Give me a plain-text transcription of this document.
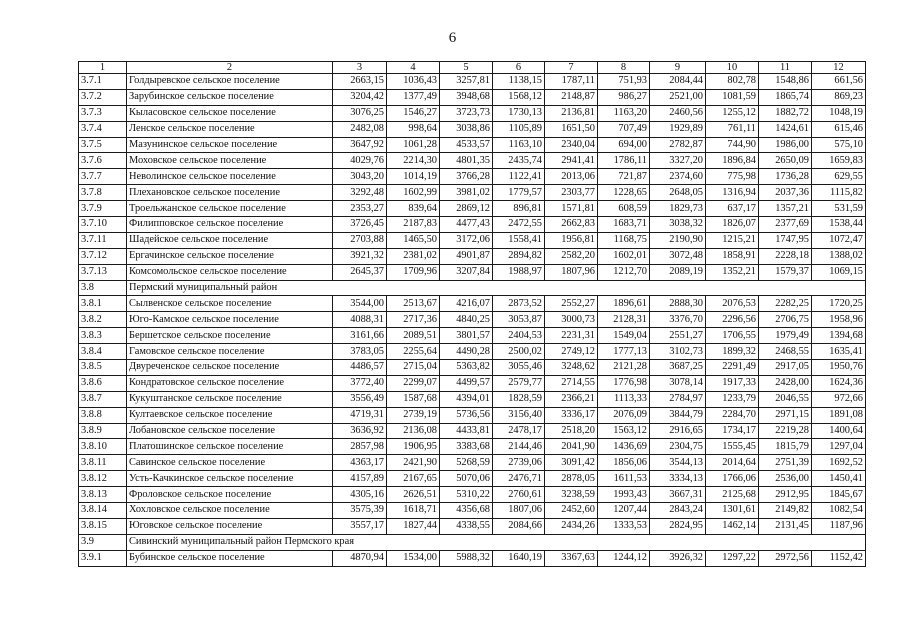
6
1	2	3	4	5	6	7	8	9	10	11	12
3.7.1	Голдыревское сельское поселение	2663,15	1036,43	3257,81	1138,15	1787,11	751,93	2084,44	802,78	1548,86	661,56
3.7.2	Зарубинское сельское поселение	3204,42	1377,49	3948,68	1568,12	2148,87	986,27	2521,00	1081,59	1865,74	869,23
3.7.3	Кыласовское сельское поселение	3076,25	1546,27	3723,73	1730,13	2136,81	1163,20	2460,56	1255,12	1882,72	1048,19
3.7.4	Ленское сельское поселение	2482,08	998,64	3038,86	1105,89	1651,50	707,49	1929,89	761,11	1424,61	615,46
3.7.5	Мазунинское сельское поселение	3647,92	1061,28	4533,57	1163,10	2340,04	694,00	2782,87	744,90	1986,00	575,10
3.7.6	Моховское сельское поселение	4029,76	2214,30	4801,35	2435,74	2941,41	1786,11	3327,20	1896,84	2650,09	1659,83
3.7.7	Неволинское сельское поселение	3043,20	1014,19	3766,28	1122,41	2013,06	721,87	2374,60	775,98	1736,28	629,55
3.7.8	Плехановское сельское поселение	3292,48	1602,99	3981,02	1779,57	2303,77	1228,65	2648,05	1316,94	2037,36	1115,82
3.7.9	Троельжанское сельское поселение	2353,27	839,64	2869,12	896,81	1571,81	608,59	1829,73	637,17	1357,21	531,59
3.7.10	Филипповское сельское поселение	3726,45	2187,83	4477,43	2472,55	2662,83	1683,71	3038,32	1826,07	2377,69	1538,44
3.7.11	Шадейское сельское поселение	2703,88	1465,50	3172,06	1558,41	1956,81	1168,75	2190,90	1215,21	1747,95	1072,47
3.7.12	Ергачинское сельское поселение	3921,32	2381,02	4901,87	2894,82	2582,20	1602,01	3072,48	1858,91	2228,18	1388,02
3.7.13	Комсомольское сельское поселение	2645,37	1709,96	3207,84	1988,97	1807,96	1212,70	2089,19	1352,21	1579,37	1069,15
3.8	Пермский муниципальный район										
3.8.1	Сылвенское сельское поселение	3544,00	2513,67	4216,07	2873,52	2552,27	1896,61	2888,30	2076,53	2282,25	1720,25
3.8.2	Юго-Камское сельское поселение	4088,31	2717,36	4840,25	3053,87	3000,73	2128,31	3376,70	2296,56	2706,75	1958,96
3.8.3	Бершетское сельское поселение	3161,66	2089,51	3801,57	2404,53	2231,31	1549,04	2551,27	1706,55	1979,49	1394,68
3.8.4	Гамовское сельское поселение	3783,05	2255,64	4490,28	2500,02	2749,12	1777,13	3102,73	1899,32	2468,55	1635,41
3.8.5	Двуреченское сельское поселение	4486,57	2715,04	5363,82	3055,46	3248,62	2121,28	3687,25	2291,49	2917,05	1950,76
3.8.6	Кондратовское сельское поселение	3772,40	2299,07	4499,57	2579,77	2714,55	1776,98	3078,14	1917,33	2428,00	1624,36
3.8.7	Кукуштанское сельское поселение	3556,49	1587,68	4394,01	1828,59	2366,21	1113,33	2784,97	1233,79	2046,55	972,66
3.8.8	Култаевское сельское поселение	4719,31	2739,19	5736,56	3156,40	3336,17	2076,09	3844,79	2284,70	2971,15	1891,08
3.8.9	Лобановское сельское поселение	3636,92	2136,08	4433,81	2478,17	2518,20	1563,12	2916,65	1734,17	2219,28	1400,64
3.8.10	Платошинское сельское поселение	2857,98	1906,95	3383,68	2144,46	2041,90	1436,69	2304,75	1555,45	1815,79	1297,04
3.8.11	Савинское сельское поселение	4363,17	2421,90	5268,59	2739,06	3091,42	1856,06	3544,13	2014,64	2751,39	1692,52
3.8.12	Усть-Качкинское сельское поселение	4157,89	2167,65	5070,06	2476,71	2878,05	1611,53	3334,13	1766,06	2536,00	1450,41
3.8.13	Фроловское сельское поселение	4305,16	2626,51	5310,22	2760,61	3238,59	1993,43	3667,31	2125,68	2912,95	1845,67
3.8.14	Хохловское сельское поселение	3575,39	1618,71	4356,68	1807,06	2452,60	1207,44	2843,24	1301,61	2149,82	1082,54
3.8.15	Юговское сельское поселение	3557,17	1827,44	4338,55	2084,66	2434,26	1333,53	2824,95	1462,14	2131,45	1187,96
3.9	Сивинский муниципальный район Пермского края										
3.9.1	Бубинское сельское поселение	4870,94	1534,00	5988,32	1640,19	3367,63	1244,12	3926,32	1297,22	2972,56	1152,42
